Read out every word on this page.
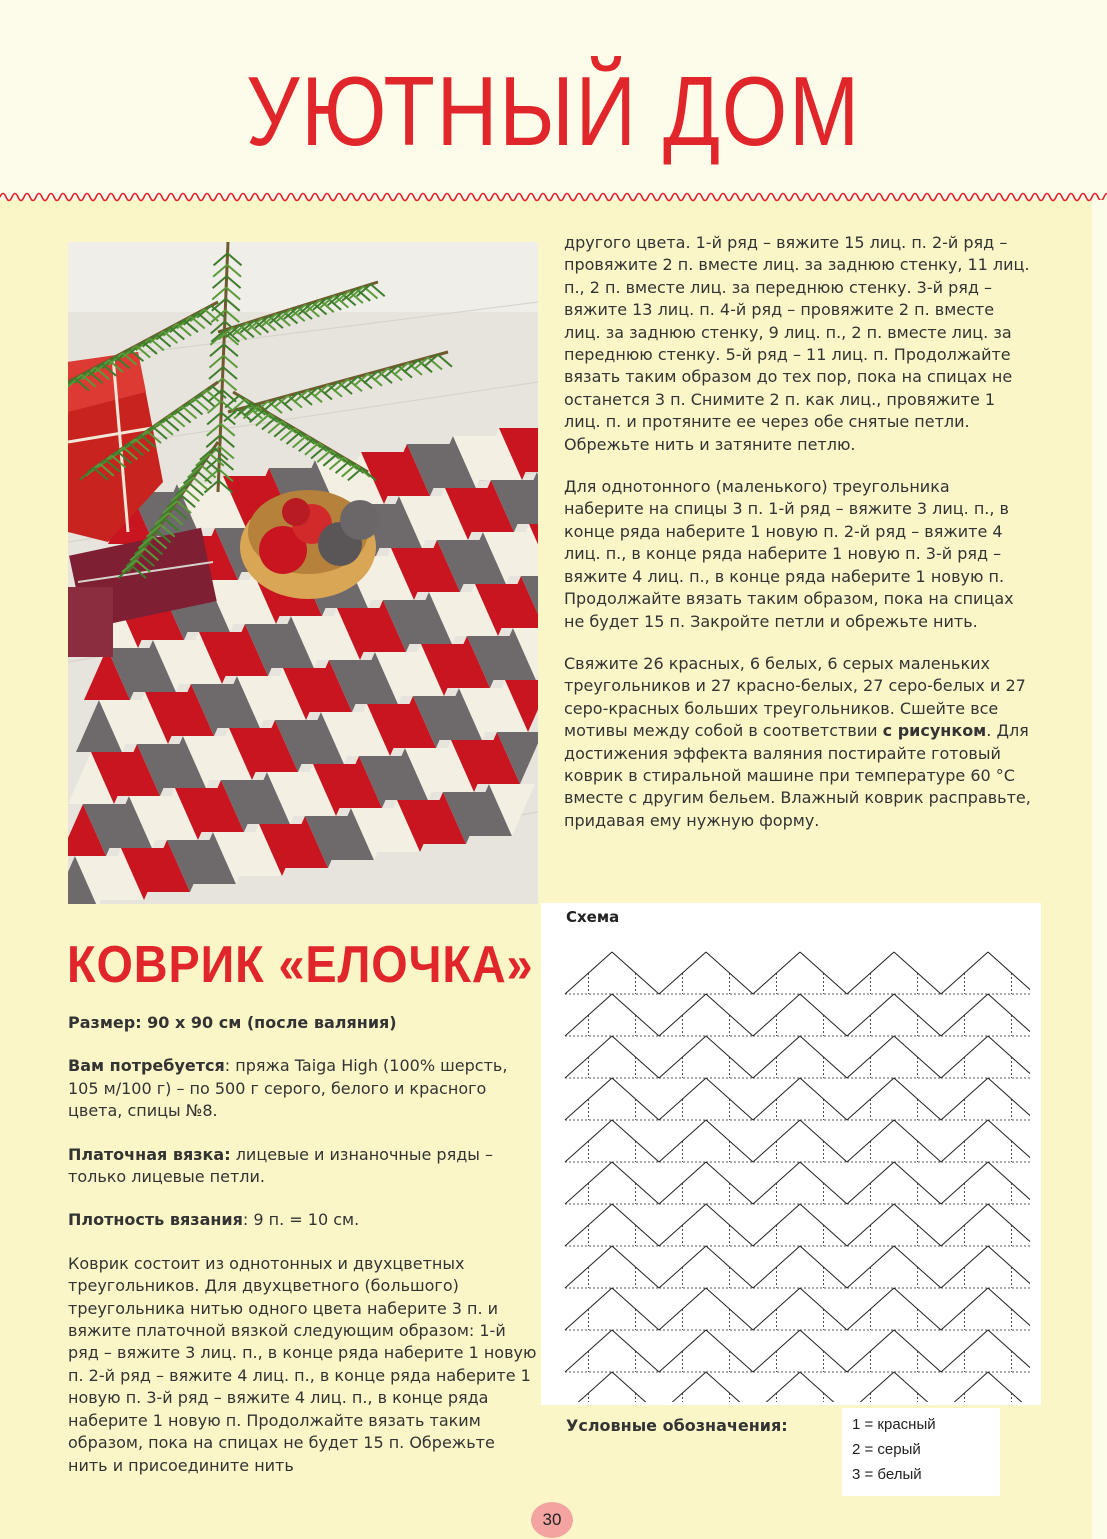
УЮТНЫЙ ДОМ
КОВРИК «ЕЛОЧКА»

Размер: 90 х 90 см (после валяния)

Вам потребуется: пряжа Taiga High (100% шерсть, 105 м/100 г) – по 500 г серого, белого и красного цвета, спицы №8.

Платочная вязка: лицевые и изнаночные ряды – только лицевые петли.

Плотность вязания: 9 п. = 10 см.

Коврик состоит из однотонных и двухцветных треугольников. Для двухцветного (большого) треугольника нитью одного цвета наберите 3 п. и вяжите платочной вязкой следующим образом: 1-й ряд – вяжите 3 лиц. п., в конце ряда наберите 1 новую п. 2-й ряд – вяжите 4 лиц. п., в конце ряда наберите 1 новую п. 3-й ряд – вяжите 4 лиц. п., в конце ряда наберите 1 новую п. Продолжайте вязать таким образом, пока на спицах не будет 15 п. Обрежьте нить и присоедините нить

другого цвета. 1-й ряд – вяжите 15 лиц. п. 2-й ряд – провяжите 2 п. вместе лиц. за заднюю стенку, 11 лиц. п., 2 п. вместе лиц. за переднюю стенку. 3-й ряд – вяжите 13 лиц. п. 4-й ряд – провяжите 2 п. вместе лиц. за заднюю стенку, 9 лиц. п., 2 п. вместе лиц. за переднюю стенку. 5-й ряд – 11 лиц. п. Продолжайте вязать таким образом до тех пор, пока на спицах не останется 3 п. Снимите 2 п. как лиц., провяжите 1 лиц. п. и протяните ее через обе снятые петли. Обрежьте нить и затяните петлю.

Для однотонного (маленького) треугольника наберите на спицы 3 п. 1-й ряд – вяжите 3 лиц. п., в конце ряда наберите 1 новую п. 2-й ряд – вяжите 4 лиц. п., в конце ряда наберите 1 новую п. 3-й ряд – вяжите 4 лиц. п., в конце ряда наберите 1 новую п. Продолжайте вязать таким образом, пока на спицах не будет 15 п. Закройте петли и обрежьте нить.

Свяжите 26 красных, 6 белых, 6 серых маленьких треугольников и 27 красно-белых, 27 серо-белых и 27 серо-красных больших треугольников. Сшейте все мотивы между собой в соответствии с рисунком. Для достижения эффекта валяния постирайте готовый коврик в стиральной машине при температуре 60 °С вместе с другим бельем. Влажный коврик расправьте, придавая ему нужную форму.

Схема
Условные обозначения:	1 = красный
2 = серый
3 = белый
30
